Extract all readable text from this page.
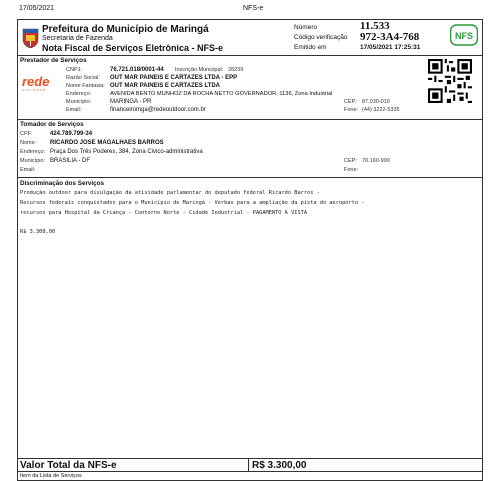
17/05/2021	NFS-e
Prefeitura do Município de Maringá
Secretaria de Fazenda
Nota Fiscal de Serviços Eletrônica - NFS-e
Número	11.533
Código verificação 972-3A4-768
Emitido em	17/05/2021 17:25:31
NFS
Prestador de Serviços
rede
OUT DOOR
CNPJ:	76.721.018/0001-44 Inscrição Municipal: 28239
Razão Social: OUT MAR PAINEIS E CARTAZES LTDA - EPP
Nome Fantasia: OUT MAR PAINEIS E CARTAZES LTDA
Endereço:	AVENIDA BENTO MUNHOZ DA ROCHA NETTO GOVERNADOR, 1136, Zona Industrial
Município:	MARINGA - PR	CEP: 87.030-010
Email:	financeiromga@redeoutdoor.com.br	Fone: (44) 3222-5335
Tomador de Serviços
CPF:	424.789.799-34
Nome: RICARDO JOSE MAGALHAES BARROS
Endereço: Praça Dos Três Poderes, 384, Zona Civico-administrativa
Município: BRASILIA - DF	CEP: 70.160-900
Email:	Fone:
Discriminação dos Serviços
Produção outdoor para divulgação da atividade parlamentar do deputado federal Ricardo Barros -
Recursos federais conquistados para o Município de Maringá - Verbas para a ampliação da pista do aeroporto -
recursos para Hospital da Criança - Contorno Norte - Cidade Industrial - PAGAMENTO A VISTA
R$ 3.300,00
Valor Total da NFS-e	R$ 3.300,00
Item da Lista de Serviços
